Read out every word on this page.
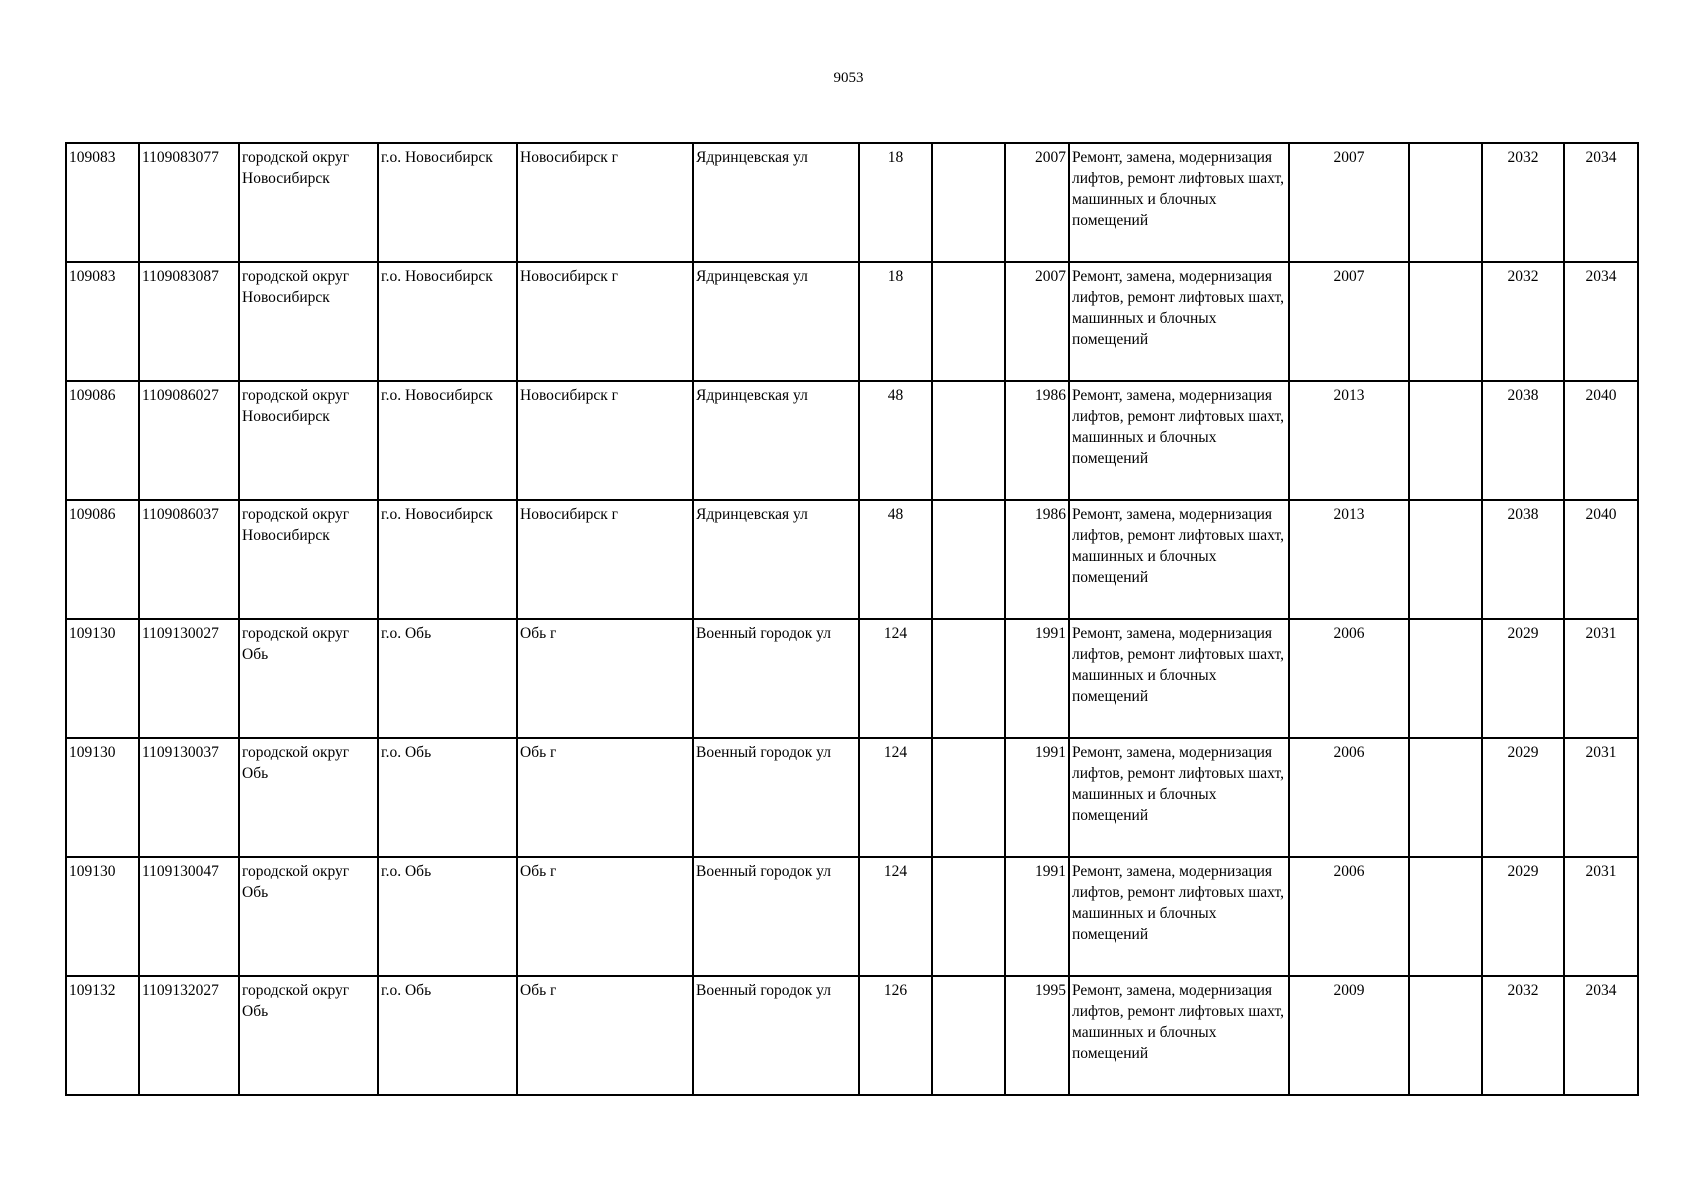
9053
109083	1109083077	городской округ Новосибирск	г.о. Новосибирск	Новосибирск г	Ядринцевская ул	18		2007	Ремонт, замена, модернизация лифтов, ремонт лифтовых шахт, машинных и блочных помещений	2007		2032	2034
109083	1109083087	городской округ Новосибирск	г.о. Новосибирск	Новосибирск г	Ядринцевская ул	18		2007	Ремонт, замена, модернизация лифтов, ремонт лифтовых шахт, машинных и блочных помещений	2007		2032	2034
109086	1109086027	городской округ Новосибирск	г.о. Новосибирск	Новосибирск г	Ядринцевская ул	48		1986	Ремонт, замена, модернизация лифтов, ремонт лифтовых шахт, машинных и блочных помещений	2013		2038	2040
109086	1109086037	городской округ Новосибирск	г.о. Новосибирск	Новосибирск г	Ядринцевская ул	48		1986	Ремонт, замена, модернизация лифтов, ремонт лифтовых шахт, машинных и блочных помещений	2013		2038	2040
109130	1109130027	городской округ Обь	г.о. Обь	Обь г	Военный городок ул	124		1991	Ремонт, замена, модернизация лифтов, ремонт лифтовых шахт, машинных и блочных помещений	2006		2029	2031
109130	1109130037	городской округ Обь	г.о. Обь	Обь г	Военный городок ул	124		1991	Ремонт, замена, модернизация лифтов, ремонт лифтовых шахт, машинных и блочных помещений	2006		2029	2031
109130	1109130047	городской округ Обь	г.о. Обь	Обь г	Военный городок ул	124		1991	Ремонт, замена, модернизация лифтов, ремонт лифтовых шахт, машинных и блочных помещений	2006		2029	2031
109132	1109132027	городской округ Обь	г.о. Обь	Обь г	Военный городок ул	126		1995	Ремонт, замена, модернизация лифтов, ремонт лифтовых шахт, машинных и блочных помещений	2009		2032	2034
